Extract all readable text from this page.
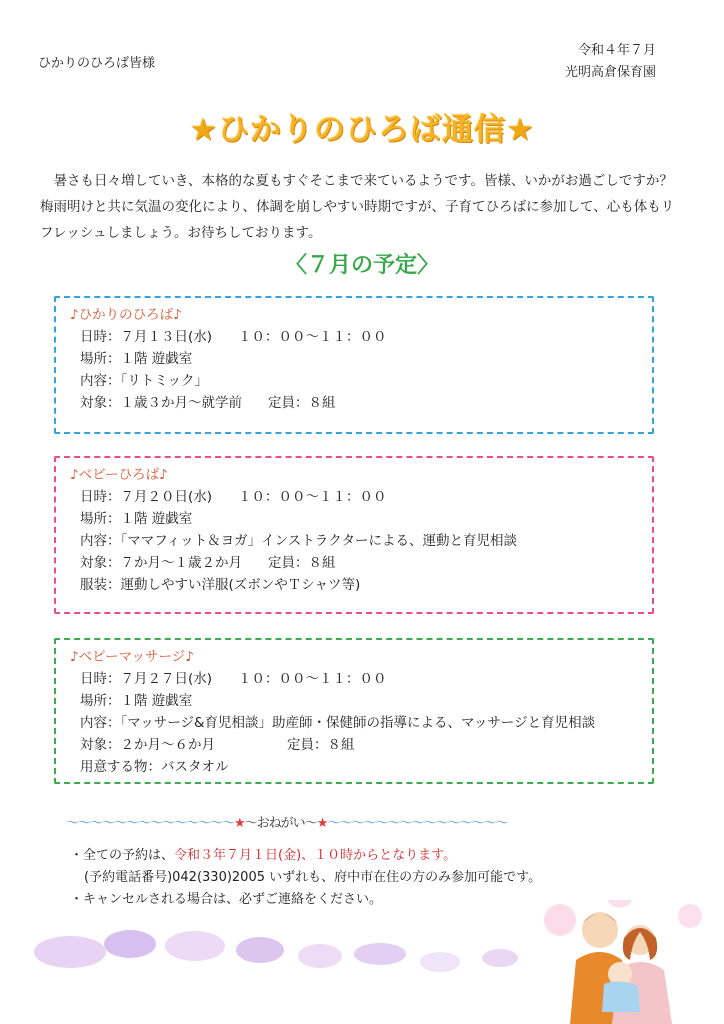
ひかりのひろば皆様
令和４年７月
光明高倉保育園
★ひかりのひろば通信★
暑さも日々増していき、本格的な夏もすぐそこまで来ているようです。皆様、いかがお過ごしですか？梅雨明けと共に気温の変化により、体調を崩しやすい時期ですが、子育てひろばに参加して、心も体もリフレッシュしましょう。お待ちしております。
〈７月の予定〉
♪ひかりのひろば♪
日時：７月１３日(水) １０：００〜１１：００
場所：１階 遊戯室
内容：「リトミック」
対象：１歳３か月〜就学前 定員：８組
♪ベビーひろば♪
日時：７月２０日(水) １０：００〜１１：００
場所：１階 遊戯室
内容：「ママフィット＆ヨガ」インストラクターによる、運動と育児相談
対象：７か月〜１歳２か月 定員：８組
服装：運動しやすい洋服(ズボンやＴシャツ等)
♪ベビーマッサージ♪
日時：７月２７日(水) １０：００〜１１：００
場所：１階 遊戯室
内容：「マッサージ&育児相談」助産師・保健師の指導による、マッサージと育児相談
対象：２か月〜６か月	定員：８組
用意する物：バスタオル
〜〜〜〜〜〜〜〜〜〜〜〜〜〜★〜おねがい〜★〜〜〜〜〜〜〜〜〜〜〜〜〜〜〜
・全ての予約は、令和３年７月１日(金)、１０時からとなります。
(予約電話番号)042(330)2005 いずれも、府中市在住の方のみ参加可能です。
・キャンセルされる場合は、必ずご連絡をください。
